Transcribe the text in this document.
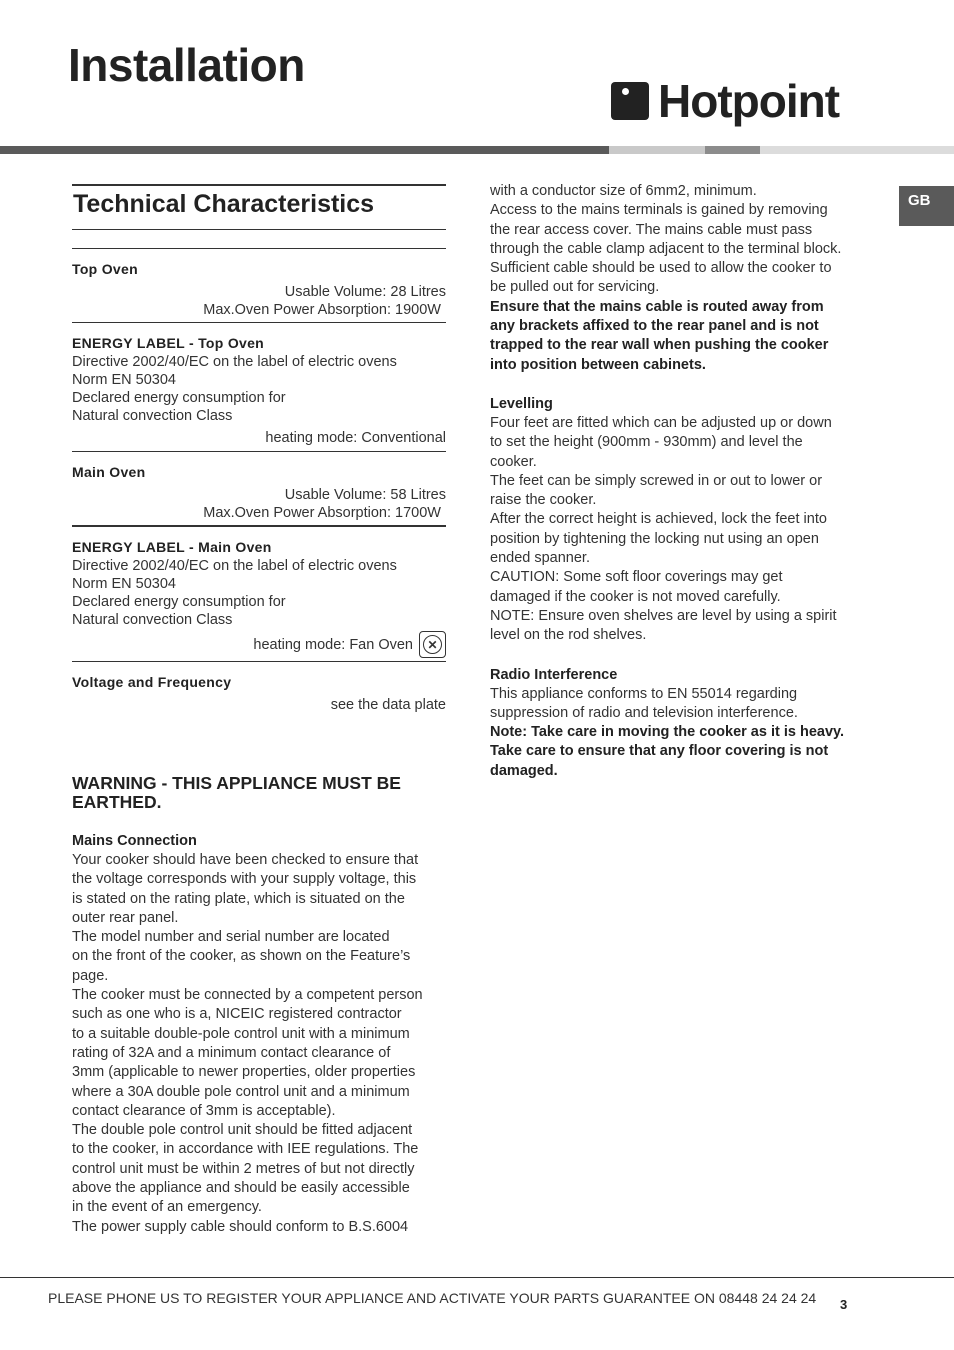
Installation
Hotpoint
GB
Technical Characteristics
Top Oven
Usable Volume: 28 Litres
Max.Oven Power Absorption: 1900W
ENERGY LABEL - Top Oven
Directive 2002/40/EC on the label of electric ovens
Norm EN 50304
Declared energy consumption for
Natural convection Class
heating mode: Conventional
Main Oven
Usable Volume: 58 Litres
Max.Oven Power Absorption: 1700W
ENERGY LABEL - Main Oven
Directive 2002/40/EC on the label of electric ovens
Norm EN 50304
Declared energy consumption for
Natural convection Class
heating mode: Fan Oven ✕
Voltage and Frequency
see the data plate
WARNING - THIS APPLIANCE MUST BE EARTHED.
Mains Connection
Your cooker should have been checked to ensure that
the voltage corresponds with your supply voltage, this
is stated on the rating plate, which is situated on the
outer rear panel.
The model number and serial number are located
on the front of the cooker, as shown on the Feature’s
page.
The cooker must be connected by a competent person
such as one who is a, NICEIC registered contractor
to a suitable double-pole control unit with a minimum
rating of 32A and a minimum contact clearance of
3mm (applicable to newer properties, older properties
where a 30A double pole control unit and a minimum
contact clearance of 3mm is acceptable).
The double pole control unit should be fitted adjacent
to the cooker, in accordance with IEE regulations. The
control unit must be within 2 metres of but not directly
above the appliance and should be easily accessible
in the event of an emergency.
The power supply cable should conform to B.S.6004
with a conductor size of 6mm2, minimum.
Access to the mains terminals is gained by removing
the rear access cover. The mains cable must pass
through the cable clamp adjacent to the terminal block.
Sufficient cable should be used to allow the cooker to
be pulled out for servicing.
Ensure that the mains cable is routed away from
any brackets affixed to the rear panel and is not
trapped to the rear wall when pushing the cooker
into position between cabinets.
Levelling
Four feet are fitted which can be adjusted up or down
to set the height (900mm - 930mm) and level the
cooker.
The feet can be simply screwed in or out to lower or
raise the cooker.
After the correct height is achieved, lock the feet into
position by tightening the locking nut using an open
ended spanner.
CAUTION: Some soft floor coverings may get
damaged if the cooker is not moved carefully.
NOTE: Ensure oven shelves are level by using a spirit
level on the rod shelves.
Radio Interference
This appliance conforms to EN 55014 regarding
suppression of radio and television interference.
Note: Take care in moving the cooker as it is heavy.
Take care to ensure that any floor covering is not
damaged.
PLEASE PHONE US TO REGISTER YOUR APPLIANCE AND ACTIVATE YOUR PARTS GUARANTEE ON 08448 24 24 24 3
